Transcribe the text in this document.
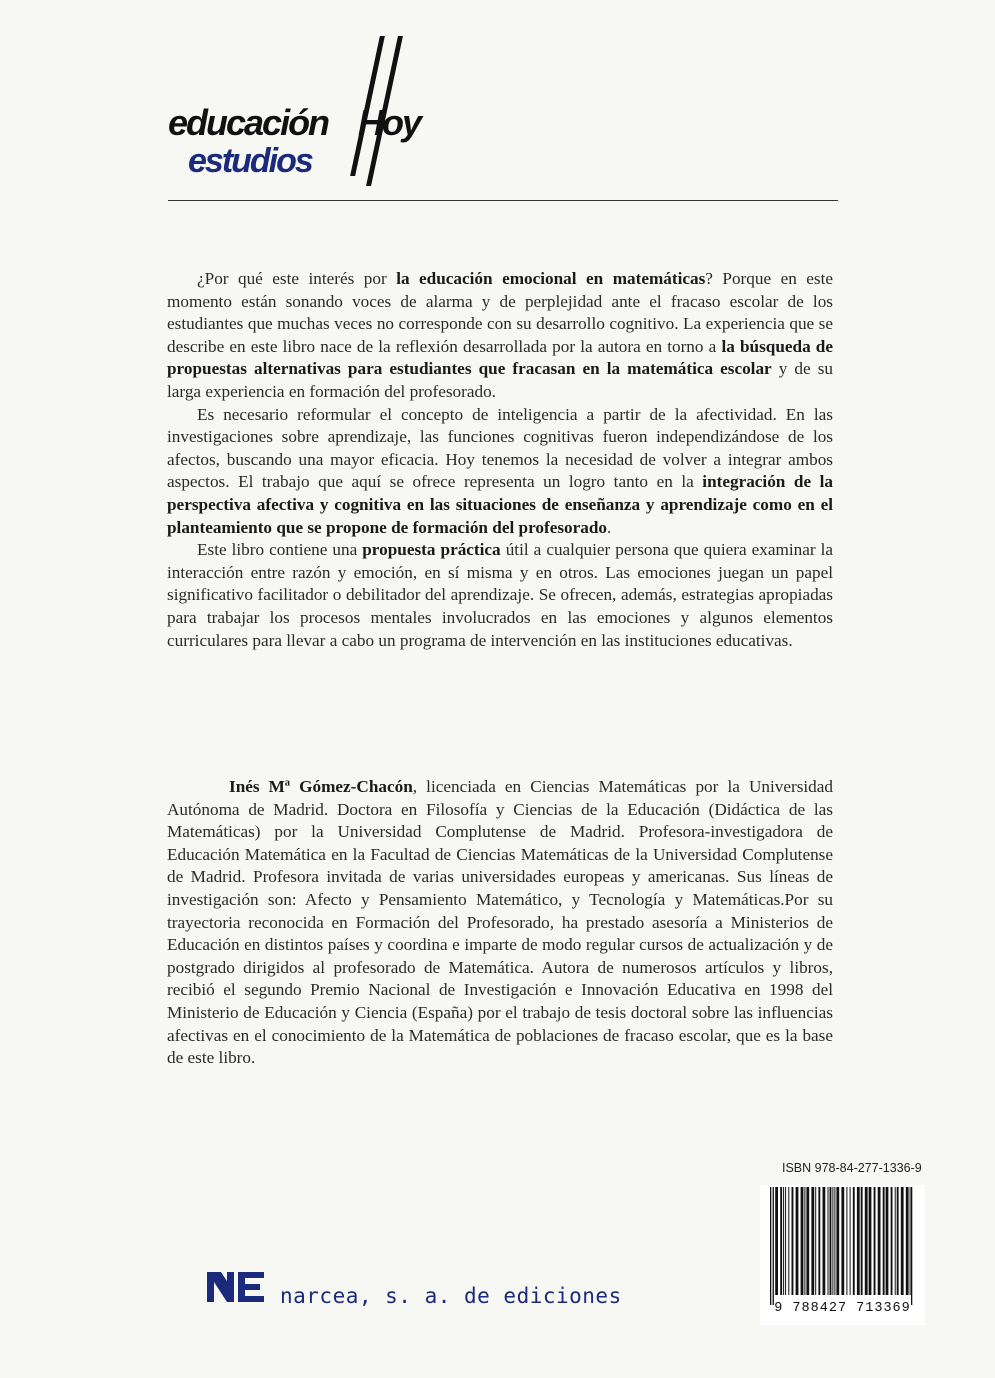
educación
estudios
Hoy

¿Por qué este interés por la educación emocional en matemáticas? Porque en este momento están sonando voces de alarma y de perplejidad ante el fracaso escolar de los estudiantes que muchas veces no corresponde con su desarrollo cognitivo. La experiencia que se describe en este libro nace de la reflexión desarrollada por la autora en torno a la búsqueda de propuestas alternativas para estudiantes que fracasan en la matemática escolar y de su larga experiencia en formación del profesorado.

Es necesario reformular el concepto de inteligencia a partir de la afectividad. En las investigaciones sobre aprendizaje, las funciones cognitivas fueron independizándose de los afectos, buscando una mayor eficacia. Hoy tenemos la necesidad de volver a integrar ambos aspectos. El trabajo que aquí se ofrece representa un logro tanto en la integración de la perspectiva afectiva y cognitiva en las situaciones de enseñanza y aprendizaje como en el planteamiento que se propone de formación del profesorado.

Este libro contiene una propuesta práctica útil a cualquier persona que quiera examinar la interacción entre razón y emoción, en sí misma y en otros. Las emociones juegan un papel significativo facilitador o debilitador del aprendizaje. Se ofrecen, además, estrategias apropiadas para trabajar los procesos mentales involucrados en las emociones y algunos elementos curriculares para llevar a cabo un programa de intervención en las instituciones educativas.

Inés Mª Gómez-Chacón, licenciada en Ciencias Matemáticas por la Universidad Autónoma de Madrid. Doctora en Filosofía y Ciencias de la Educación (Didáctica de las Matemáticas) por la Universidad Complutense de Madrid. Profesora-investigadora de Educación Matemática en la Facultad de Ciencias Matemáticas de la Universidad Complutense de Madrid. Profesora invitada de varias universidades europeas y americanas. Sus líneas de investigación son: Afecto y Pensamiento Matemático, y Tecnología y Matemáticas.Por su trayectoria reconocida en Formación del Profesorado, ha prestado asesoría a Ministerios de Educación en distintos países y coordina e imparte de modo regular cursos de actualización y de postgrado dirigidos al profesorado de Matemática. Autora de numerosos artículos y libros, recibió el segundo Premio Nacional de Investigación e Innovación Educativa en 1998 del Ministerio de Educación y Ciencia (España) por el trabajo de tesis doctoral sobre las influencias afectivas en el conocimiento de la Matemática de poblaciones de fracaso escolar, que es la base de este libro.
ISBN 978-84-277-1336-9
9 788427 713369
narcea, s. a. de ediciones
